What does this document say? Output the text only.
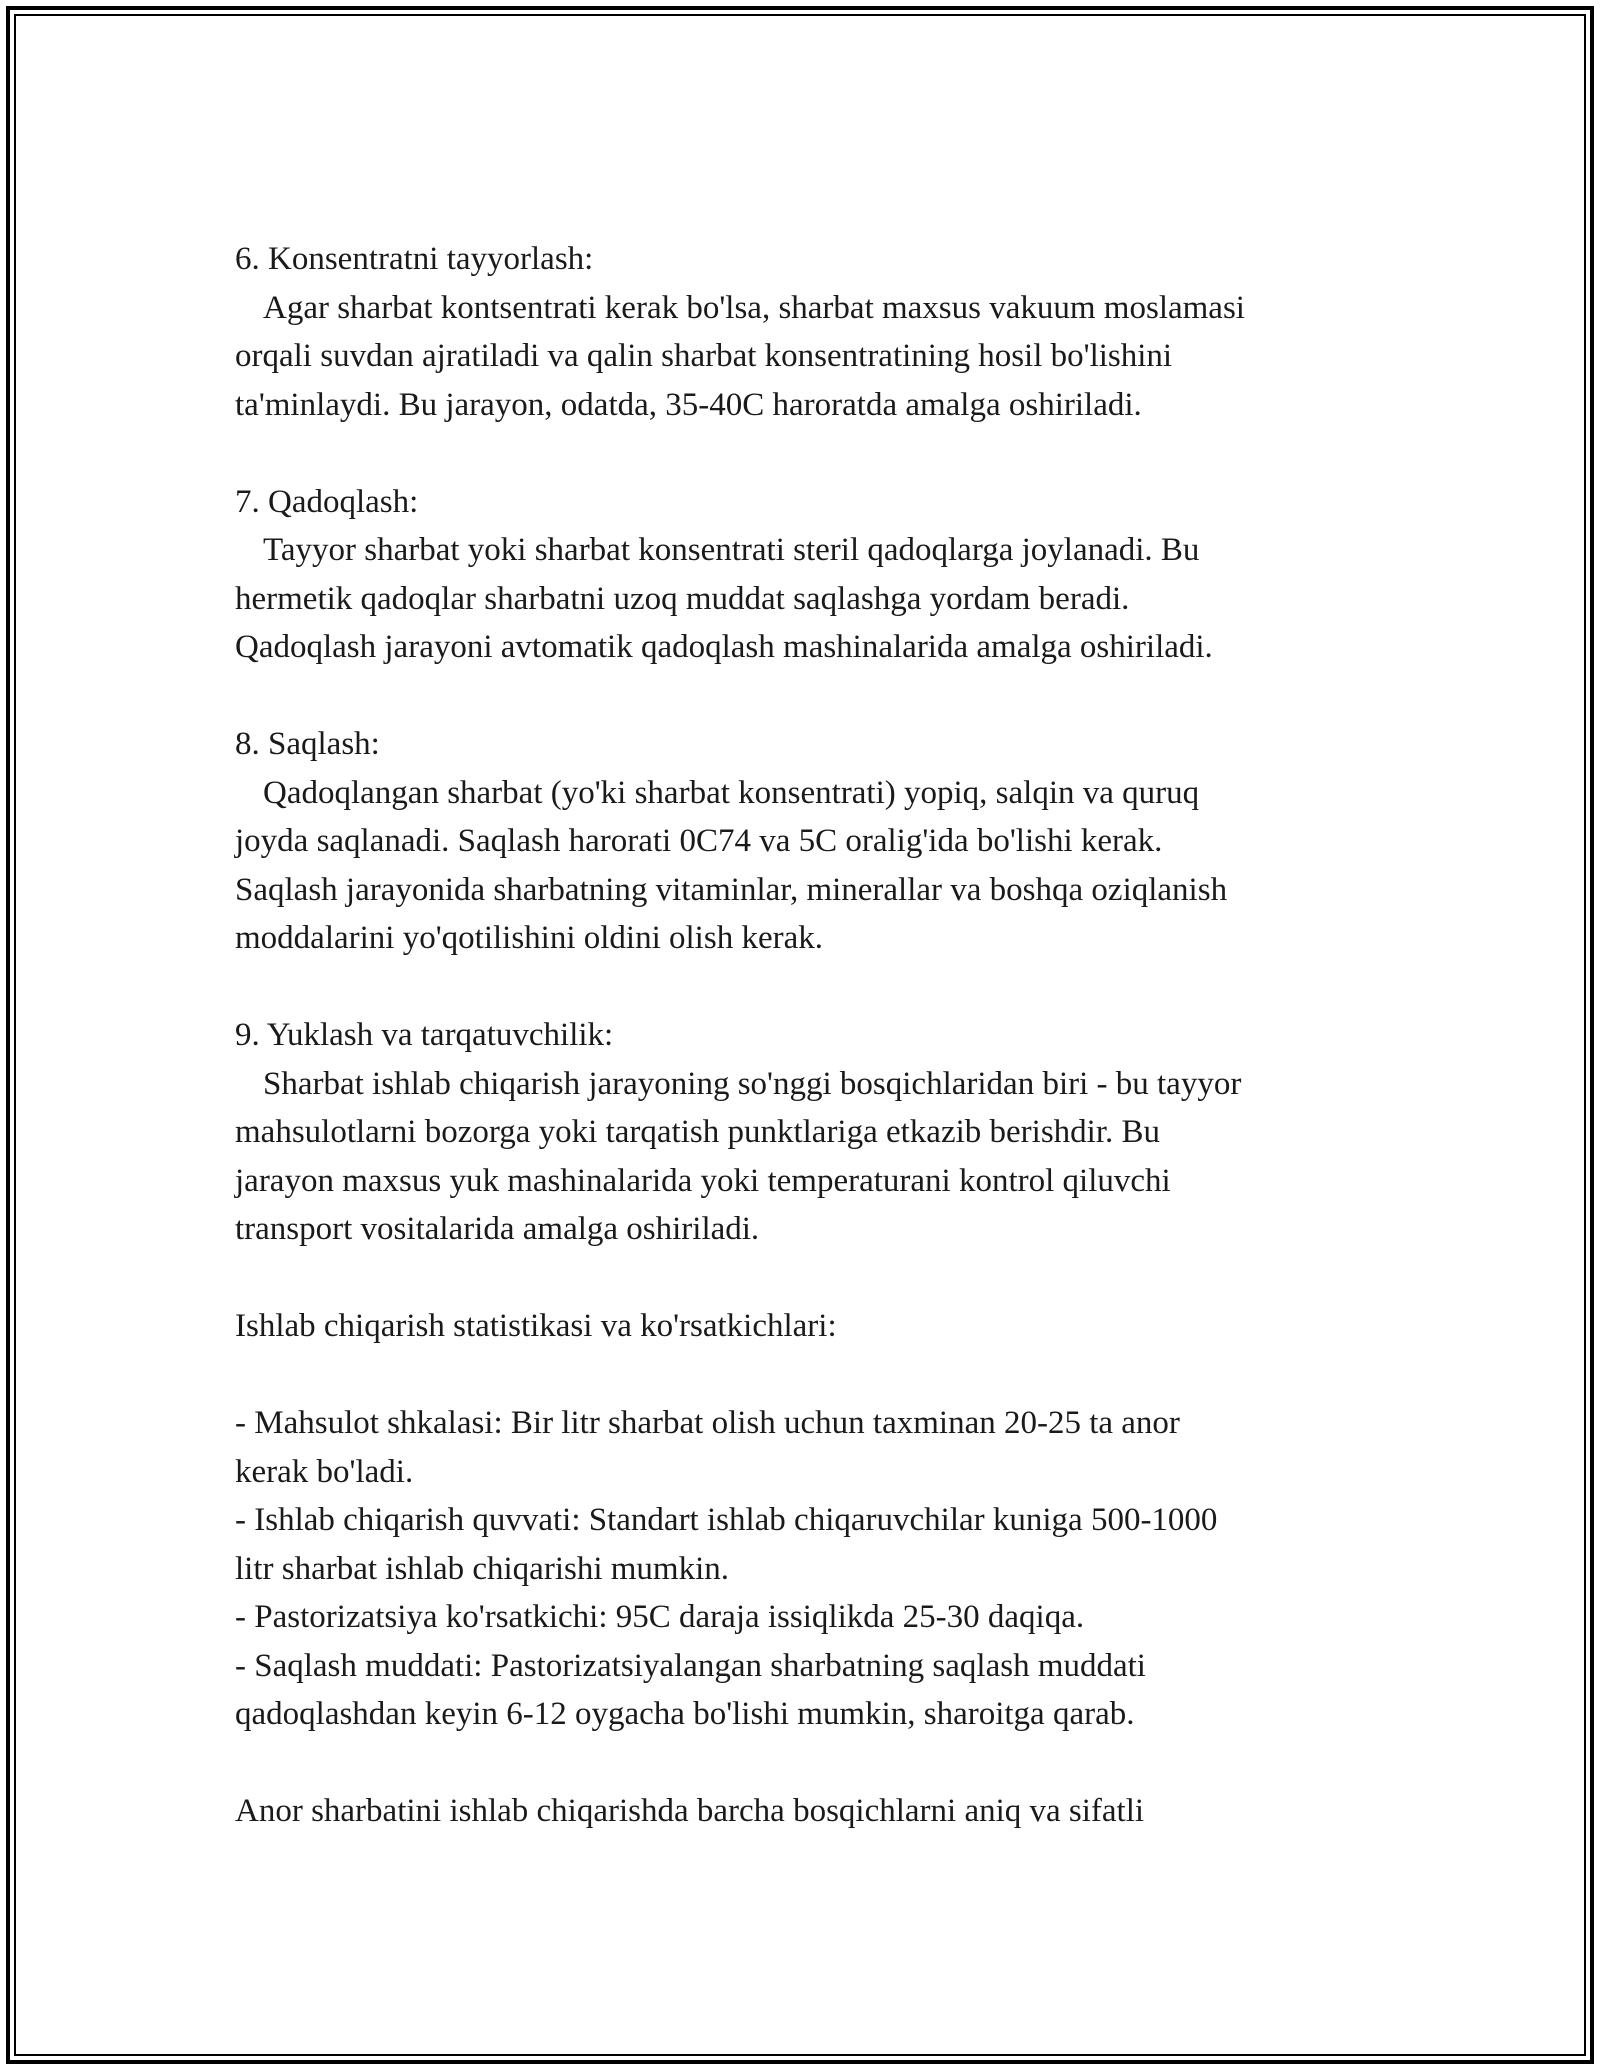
6. Konsentratni tayyorlash:
Agar sharbat kontsentrati kerak bo'lsa, sharbat maxsus vakuum moslamasi
orqali suvdan ajratiladi va qalin sharbat konsentratining hosil bo'lishini
ta'minlaydi. Bu jarayon, odatda, 35-40C haroratda amalga oshiriladi.
7. Qadoqlash:
Tayyor sharbat yoki sharbat konsentrati steril qadoqlarga joylanadi. Bu
hermetik qadoqlar sharbatni uzoq muddat saqlashga yordam beradi.
Qadoqlash jarayoni avtomatik qadoqlash mashinalarida amalga oshiriladi.
8. Saqlash:
Qadoqlangan sharbat (yo'ki sharbat konsentrati) yopiq, salqin va quruq
joyda saqlanadi. Saqlash harorati 0C74 va 5C oralig'ida bo'lishi kerak.
Saqlash jarayonida sharbatning vitaminlar, minerallar va boshqa oziqlanish
moddalarini yo'qotilishini oldini olish kerak.
9. Yuklash va tarqatuvchilik:
Sharbat ishlab chiqarish jarayoning so'nggi bosqichlaridan biri - bu tayyor
mahsulotlarni bozorga yoki tarqatish punktlariga etkazib berishdir. Bu
jarayon maxsus yuk mashinalarida yoki temperaturani kontrol qiluvchi
transport vositalarida amalga oshiriladi.
Ishlab chiqarish statistikasi va ko'rsatkichlari:
- Mahsulot shkalasi: Bir litr sharbat olish uchun taxminan 20-25 ta anor
kerak bo'ladi.
- Ishlab chiqarish quvvati: Standart ishlab chiqaruvchilar kuniga 500-1000
litr sharbat ishlab chiqarishi mumkin.
- Pastorizatsiya ko'rsatkichi: 95C daraja issiqlikda 25-30 daqiqa.
- Saqlash muddati: Pastorizatsiyalangan sharbatning saqlash muddati
qadoqlashdan keyin 6-12 oygacha bo'lishi mumkin, sharoitga qarab.
Anor sharbatini ishlab chiqarishda barcha bosqichlarni aniq va sifatli
